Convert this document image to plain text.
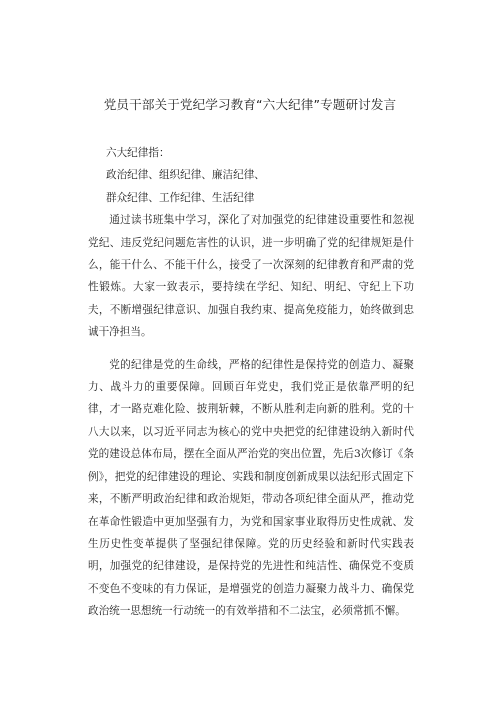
党员干部关于党纪学习教育“六大纪律”专题研讨发言

六大纪律指：

政治纪律、组织纪律、廉洁纪律、

群众纪律、工作纪律、生活纪律

通过读书班集中学习，深化了对加强党的纪律建设重要性和忽视党纪、违反党纪问题危害性的认识，进一步明确了党的纪律规矩是什么，能干什么、不能干什么，接受了一次深刻的纪律教育和严肃的党性锻炼。大家一致表示，要持续在学纪、知纪、明纪、守纪上下功夫，不断增强纪律意识、加强自我约束、提高免疫能力，始终做到忠诚干净担当。

党的纪律是党的生命线，严格的纪律性是保持党的创造力、凝聚力、战斗力的重要保障。回顾百年党史，我们党正是依靠严明的纪律，才一路克难化险、披荆斩棘，不断从胜利走向新的胜利。党的十八大以来，以习近平同志为核心的党中央把党的纪律建设纳入新时代党的建设总体布局，摆在全面从严治党的突出位置，先后3次修订《条例》，把党的纪律建设的理论、实践和制度创新成果以法纪形式固定下来，不断严明政治纪律和政治规矩，带动各项纪律全面从严，推动党在革命性锻造中更加坚强有力，为党和国家事业取得历史性成就、发生历史性变革提供了坚强纪律保障。党的历史经验和新时代实践表明，加强党的纪律建设，是保持党的先进性和纯洁性、确保党不变质不变色不变味的有力保证，是增强党的创造力凝聚力战斗力、确保党政治统一思想统一行动统一的有效举措和不二法宝，必须常抓不懈。
